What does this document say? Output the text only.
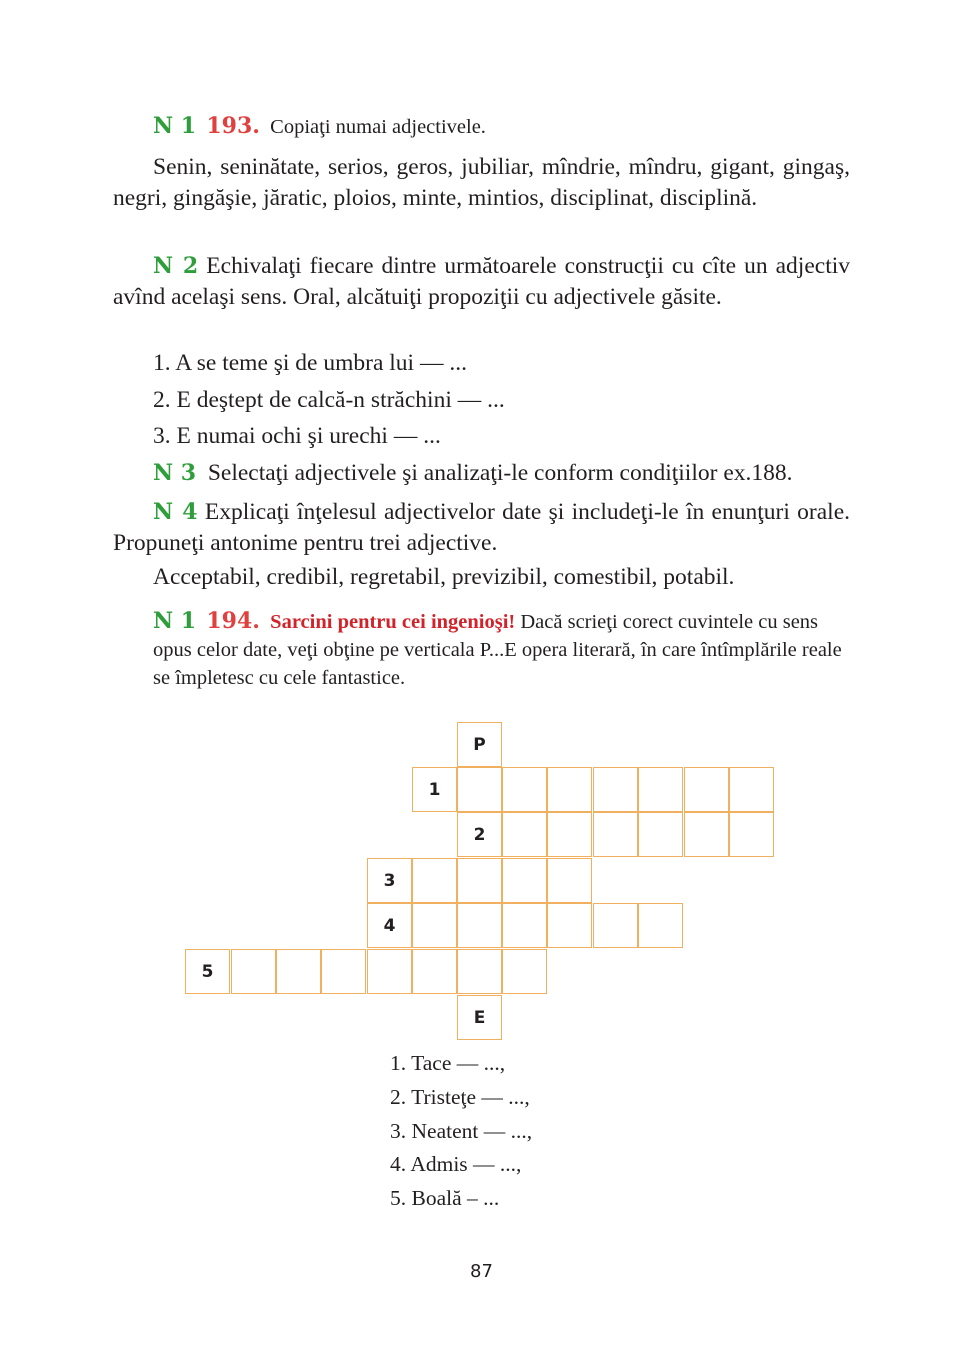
N 1 193. Copiaţi numai adjectivele.
Senin, seninătate, serios, geros, jubiliar, mîndrie, mîndru, gigant, gingaş, negri, gingăşie, jăratic, ploios, minte, mintios, disciplinat, disciplină.
N 2 Echivalaţi fiecare dintre următoarele construcţii cu cîte un adjectiv avînd acelaşi sens. Oral, alcătuiţi propoziţii cu adjectivele găsite.
1. A se teme şi de umbra lui — ...
2. E deştept de calcă-n străchini — ...
3. E numai ochi şi urechi — ...
N 3 Selectaţi adjectivele şi analizaţi-le conform condiţiilor ex.188.
N 4 Explicaţi înţelesul adjectivelor date şi includeţi-le în enunţuri orale. Propuneţi antonime pentru trei adjective.
Acceptabil, credibil, regretabil, previzibil, comestibil, potabil.
N 1 194. Sarcini pentru cei ingenioşi! Dacă scrieţi corect cuvintele cu sens opus celor date, veţi obţine pe verticala P...E opera literară, în care întîmplările reale se împletesc cu cele fantastice.
P
1
2
3
4
5
E
1. Tace — ...,
2. Tristeţe — ...,
3. Neatent — ...,
4. Admis — ...,
5. Boală – ...
87
